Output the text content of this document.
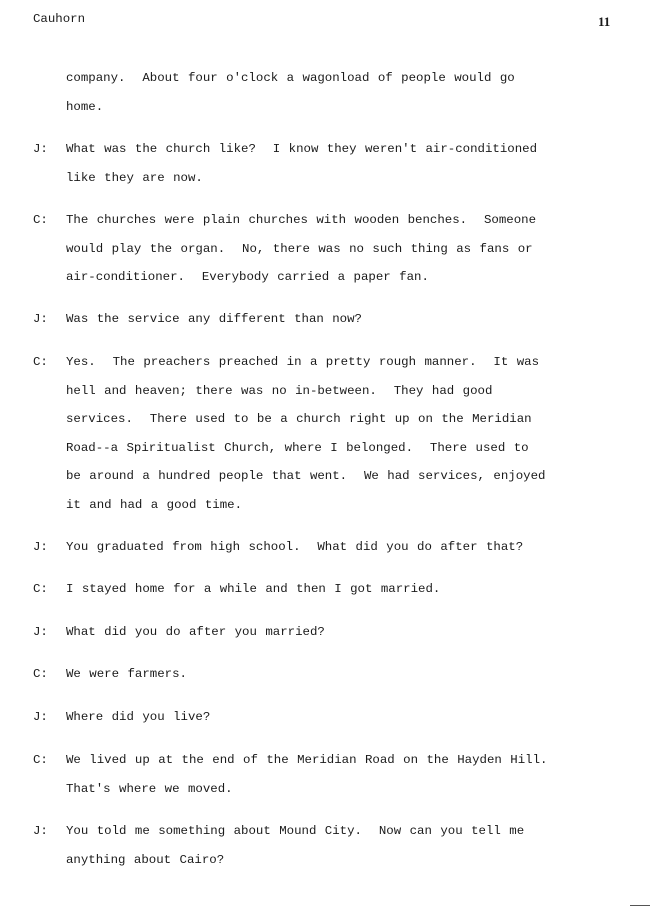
Cauhorn	11
company.  About four o'clock a wagonload of people would go
home.
J: What was the church like?  I know they weren't air-conditioned
like they are now.
C: The churches were plain churches with wooden benches.  Someone
would play the organ.  No, there was no such thing as fans or
air-conditioner.  Everybody carried a paper fan.
J: Was the service any different than now?
C: Yes.  The preachers preached in a pretty rough manner.  It was
hell and heaven; there was no in-between.  They had good
services.  There used to be a church right up on the Meridian
Road--a Spiritualist Church, where I belonged.  There used to
be around a hundred people that went.  We had services, enjoyed
it and had a good time.
J: You graduated from high school.  What did you do after that?
C: I stayed home for a while and then I got married.
J: What did you do after you married?
C: We were farmers.
J: Where did you live?
C: We lived up at the end of the Meridian Road on the Hayden Hill.
That's where we moved.
J: You told me something about Mound City.  Now can you tell me
anything about Cairo?
